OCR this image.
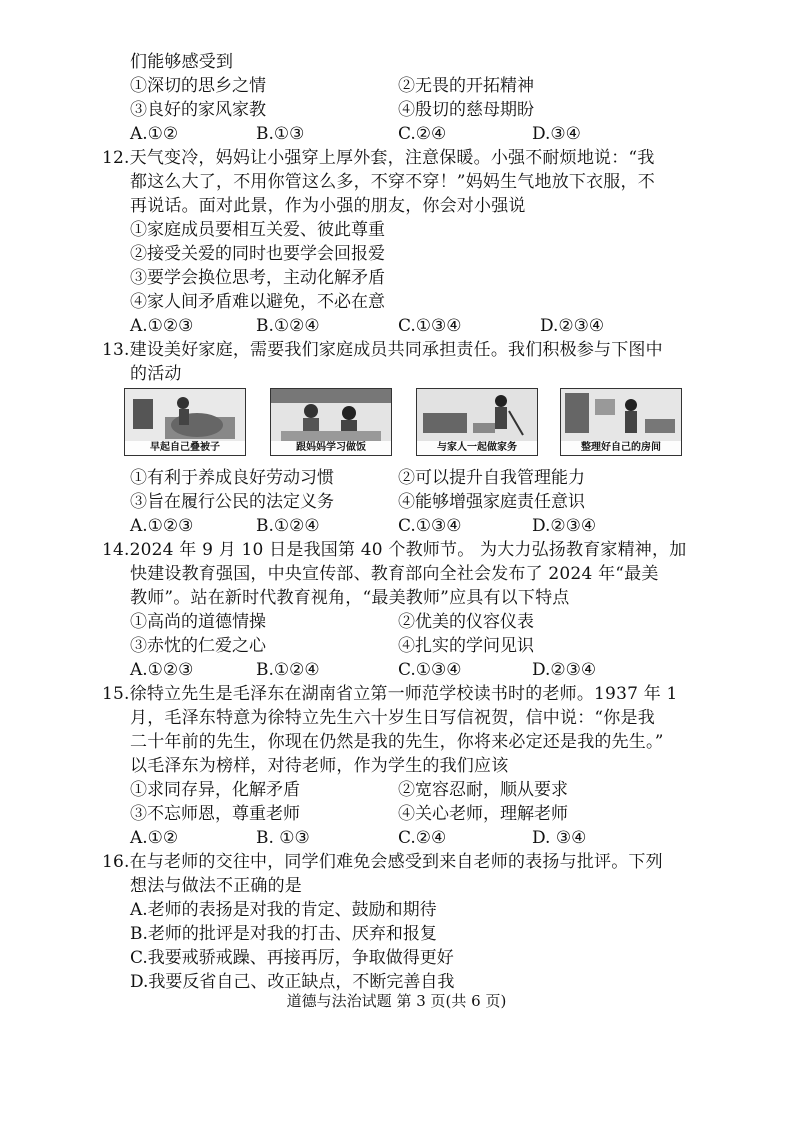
们能够感受到
①深切的思乡之情	②无畏的开拓精神
③良好的家风家教	④殷切的慈母期盼
A.①②	B.①③	C.②④	D.③④
12.天气变冷，妈妈让小强穿上厚外套，注意保暖。小强不耐烦地说：“我
都这么大了，不用你管这么多，不穿不穿！”妈妈生气地放下衣服，不
再说话。面对此景，作为小强的朋友，你会对小强说
①家庭成员要相互关爱、彼此尊重
②接受关爱的同时也要学会回报爱
③要学会换位思考，主动化解矛盾
④家人间矛盾难以避免，不必在意
A.①②③	B.①②④	C.①③④	D.②③④
13.建设美好家庭，需要我们家庭成员共同承担责任。我们积极参与下图中
的活动
早起自己叠被子	跟妈妈学习做饭	与家人一起做家务	整理好自己的房间
①有利于养成良好劳动习惯	②可以提升自我管理能力
③旨在履行公民的法定义务	④能够增强家庭责任意识
A.①②③	B.①②④	C.①③④	D.②③④
14.2024 年 9 月 10 日是我国第 40 个教师节。 为大力弘扬教育家精神，加
快建设教育强国，中央宣传部、教育部向全社会发布了 2024 年“最美
教师”。站在新时代教育视角，“最美教师”应具有以下特点
①高尚的道德情操	②优美的仪容仪表
③赤忱的仁爱之心	④扎实的学问见识
A.①②③	B.①②④	C.①③④	D.②③④
15.徐特立先生是毛泽东在湖南省立第一师范学校读书时的老师。1937 年 1
月，毛泽东特意为徐特立先生六十岁生日写信祝贺，信中说：“你是我
二十年前的先生，你现在仍然是我的先生，你将来必定还是我的先生。”
以毛泽东为榜样，对待老师，作为学生的我们应该
①求同存异，化解矛盾	②宽容忍耐，顺从要求
③不忘师恩，尊重老师	④关心老师，理解老师
A.①②	B. ①③	C.②④	D. ③④
16.在与老师的交往中，同学们难免会感受到来自老师的表扬与批评。下列
想法与做法不正确的是
A.老师的表扬是对我的肯定、鼓励和期待
B.老师的批评是对我的打击、厌弃和报复
C.我要戒骄戒躁、再接再厉，争取做得更好
D.我要反省自己、改正缺点，不断完善自我
道德与法治试题 第 3 页(共 6 页)
